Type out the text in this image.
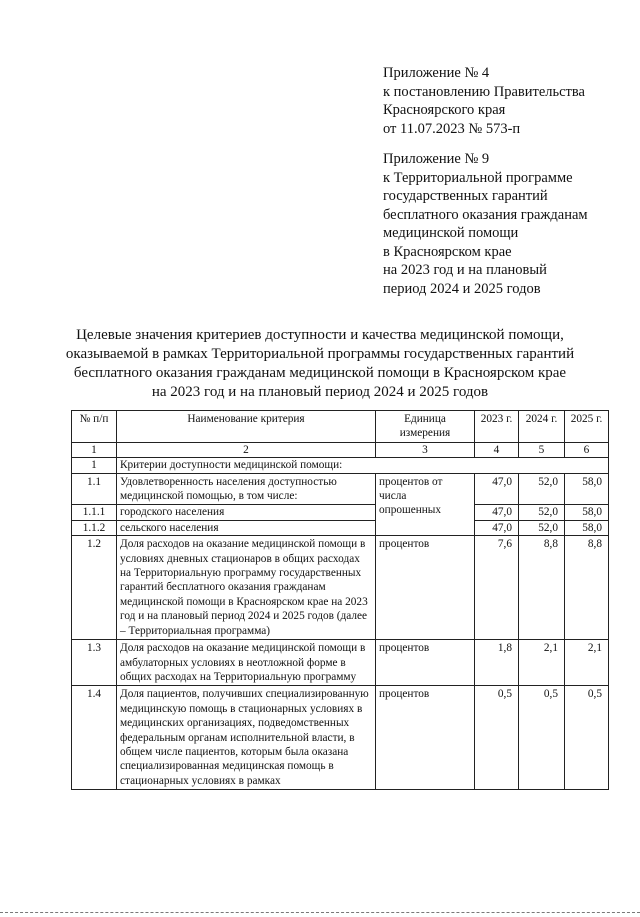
Приложение № 4
к постановлению Правительства
Красноярского края
от 11.07.2023 № 573-п
Приложение № 9
к Территориальной программе
государственных гарантий
бесплатного оказания гражданам
медицинской помощи
в Красноярском крае
на 2023 год и на плановый
период 2024 и 2025 годов
Целевые значения критериев доступности и качества медицинской помощи,
оказываемой в рамках Территориальной программы государственных гарантий
бесплатного оказания гражданам медицинской помощи в Красноярском крае
на 2023 год и на плановый период 2024 и 2025 годов
№ п/п	Наименование критерия	Единица измерения	2023 г.	2024 г.	2025 г.
1	2	3	4	5	6
1	Критерии доступности медицинской помощи:				
1.1	Удовлетворенность населения доступностью медицинской помощью, в том числе:	процентов от числа опрошенных	47,0	52,0	58,0
1.1.1	городского населения		47,0	52,0	58,0
1.1.2	сельского населения		47,0	52,0	58,0
1.2	Доля расходов на оказание медицинской помощи в условиях дневных стационаров в общих расходах на Территориальную программу государственных гарантий бесплатного оказания гражданам медицинской помощи в Красноярском крае на 2023 год и на плановый период 2024 и 2025 годов (далее – Территориальная программа)	процентов	7,6	8,8	8,8
1.3	Доля расходов на оказание медицинской помощи в амбулаторных условиях в неотложной форме в общих расходах на Территориальную программу	процентов	1,8	2,1	2,1
1.4	Доля пациентов, получивших специализированную медицинскую помощь в стационарных условиях в медицинских организациях, подведомственных федеральным органам исполнительной власти, в общем числе пациентов, которым была оказана специализированная медицинская помощь в стационарных условиях в рамках	процентов	0,5	0,5	0,5
